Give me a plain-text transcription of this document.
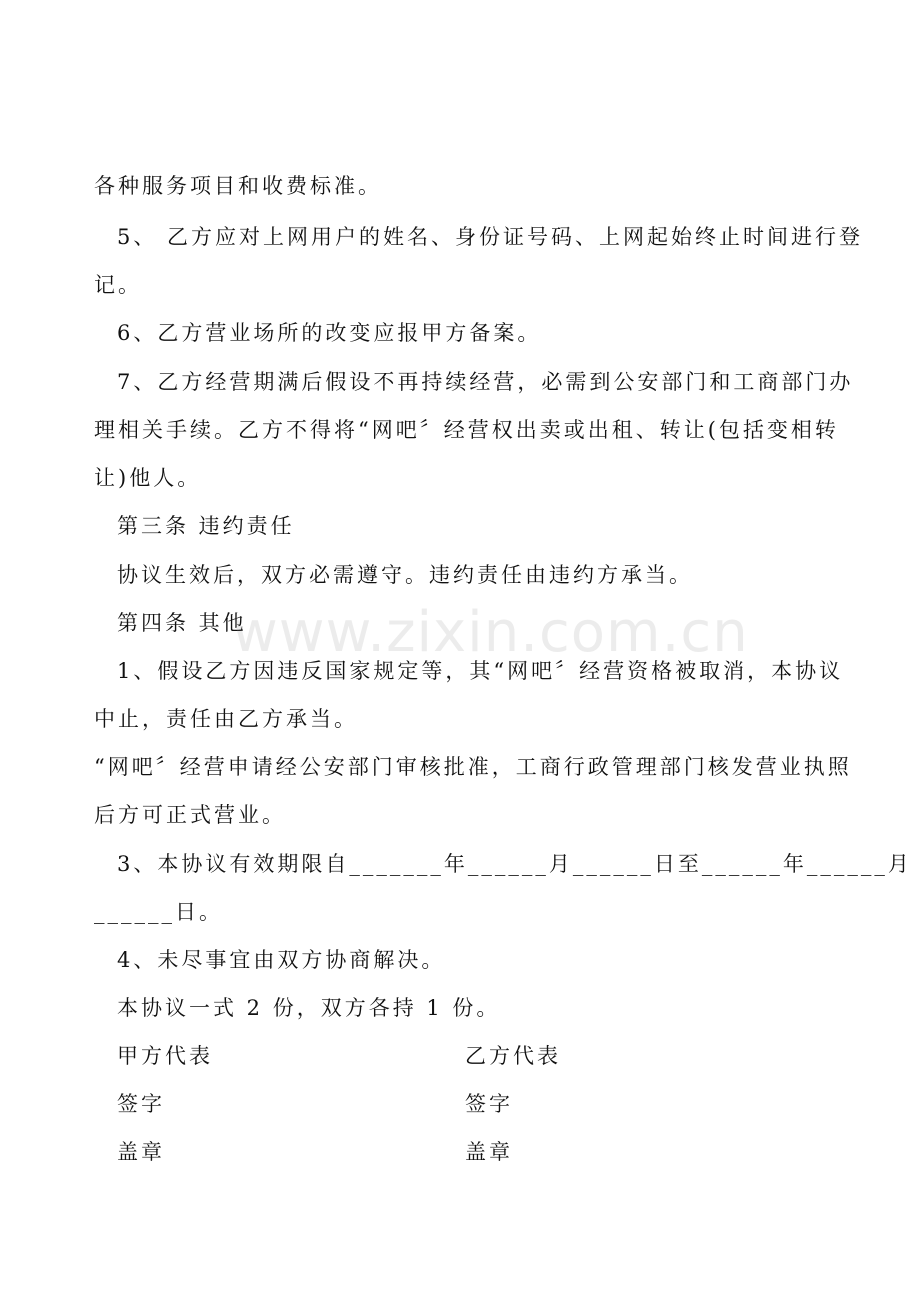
各种服务项目和收费标准。
5、 乙方应对上网用户的姓名、身份证号码、上网起始终止时间进行登
记。
6、乙方营业场所的改变应报甲方备案。
7、乙方经营期满后假设不再持续经营，必需到公安部门和工商部门办
理相关手续。乙方不得将“网吧〞经营权出卖或出租、转让(包括变相转
让)他人。
第三条 违约责任
协议生效后，双方必需遵守。违约责任由违约方承当。
第四条 其他
1、假设乙方因违反国家规定等，其“网吧〞经营资格被取消，本协议
中止，责任由乙方承当。
“网吧〞经营申请经公安部门审核批准，工商行政管理部门核发营业执照
后方可正式营业。
3、本协议有效期限自_______年______月______日至______年______月
______日。
4、未尽事宜由双方协商解决。
本协议一式 2 份，双方各持 1 份。
甲方代表	乙方代表
签字	签字
盖章	盖章
www.zixin.com.cn
